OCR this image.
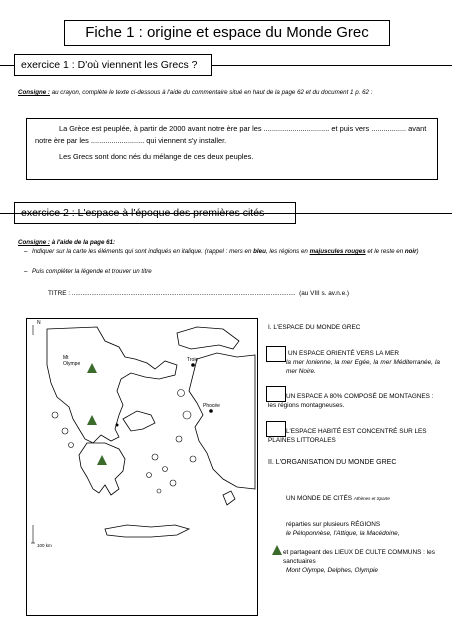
Fiche 1 : origine et espace du Monde Grec
exercice 1 : D'où viennent les Grecs ?
Consigne : au crayon, complète le texte ci-dessous à l'aide du commentaire situé en haut de la page 62 et du document 1 p. 62 :

La Grèce est peuplée, à partir de 2000 avant notre ère par les ................................ et puis vers ................. avant notre ère par les .......................... qui viennent s'y installer.

Les Grecs sont donc nés du mélange de ces deux peuples.

exercice 2 : L'espace à l'époque des premières cités
Consigne : à l'aide de la page 61:
– Indiquer sur la carte les éléments qui sont indiqués en italique. (rappel : mers en bleu, les régions en majuscules rouges et le reste en noir)
– Puis compléter la légende et trouver un titre
TITRE : .............................................................................................................................. (au VIII s. av.n.e.)
N
Mt
Olympe
Troie
Phocée
100 km
I. L'ESPACE DU MONDE GREC
UN ESPACE ORIENTÉ VERS LA MER
la mer Ionienne, la mer Egée, la mer Méditerranée, la mer Noire.
UN ESPACE A 80% COMPOSÉ DE MONTAGNES : les régions montagneuses.
L'ESPACE HABITÉ EST CONCENTRÉ SUR LES PLAINES LITTORALES
II. L'ORGANISATION DU MONDE GREC
UN MONDE DE CITÉS Athènes et Sparte
réparties sur plusieurs RÉGIONS
le Péloponnèse, l'Attique, la Macédoine,
et partageant des LIEUX DE CULTE COMMUNS : les sanctuaires
Mont Olympe, Delphes, Olympie
